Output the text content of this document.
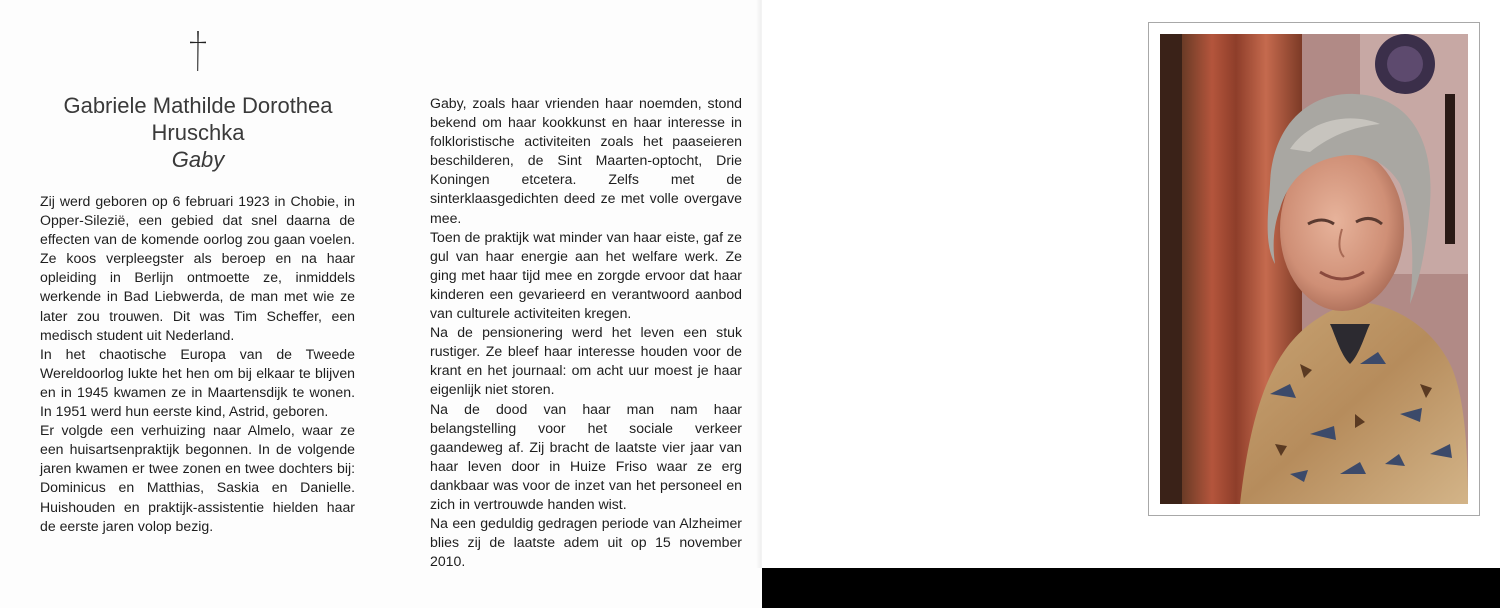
Gabriele Mathilde Dorothea
Hruschka
Gaby

Zij werd geboren op 6 februari 1923 in Chobie, in Opper-Silezië, een gebied dat snel daarna de effecten van de komende oorlog zou gaan voelen. Ze koos verpleegster als beroep en na haar opleiding in Berlijn ontmoette ze, inmiddels werkende in Bad Liebwerda, de man met wie ze later zou trouwen. Dit was Tim Scheffer, een medisch student uit Nederland.

In het chaotische Europa van de Tweede Wereldoorlog lukte het hen om bij elkaar te blijven en in 1945 kwamen ze in Maartensdijk te wonen. In 1951 werd hun eerste kind, Astrid, geboren.

Er volgde een verhuizing naar Almelo, waar ze een huisartsenpraktijk begonnen. In de volgende jaren kwamen er twee zonen en twee dochters bij: Dominicus en Matthias, Saskia en Danielle. Huishouden en praktijk-assistentie hielden haar de eerste jaren volop bezig.

Gaby, zoals haar vrienden haar noemden, stond bekend om haar kookkunst en haar interesse in folkloristische activiteiten zoals het paaseieren beschilderen, de Sint Maarten-optocht, Drie Koningen etcetera. Zelfs met de sinterklaasgedichten deed ze met volle overgave mee.

Toen de praktijk wat minder van haar eiste, gaf ze gul van haar energie aan het welfare werk. Ze ging met haar tijd mee en zorgde ervoor dat haar kinderen een gevarieerd en verantwoord aanbod van culturele activiteiten kregen.

Na de pensionering werd het leven een stuk rustiger. Ze bleef haar interesse houden voor de krant en het journaal: om acht uur moest je haar eigenlijk niet storen.

Na de dood van haar man nam haar belangstelling voor het sociale verkeer gaandeweg af. Zij bracht de laatste vier jaar van haar leven door in Huize Friso waar ze erg dankbaar was voor de inzet van het personeel en zich in vertrouwde handen wist.

Na een geduldig gedragen periode van Alzheimer blies zij de laatste adem uit op 15 november 2010.
